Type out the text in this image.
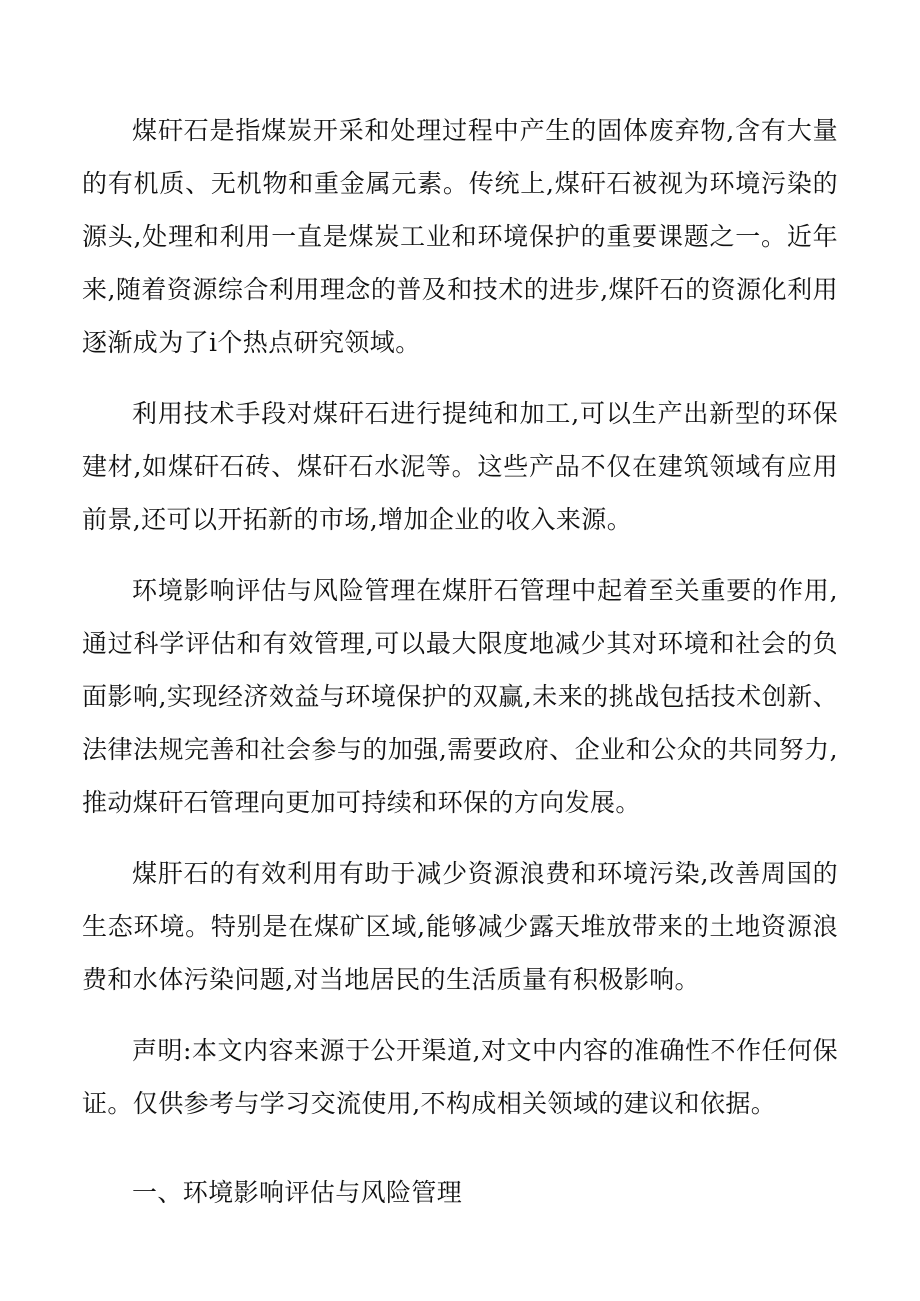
煤矸石是指煤炭开采和处理过程中产生的固体废弃物,含有大量的有机质、无机物和重金属元素。传统上,煤矸石被视为环境污染的源头,处理和利用一直是煤炭工业和环境保护的重要课题之一。近年来,随着资源综合利用理念的普及和技术的进步,煤阡石的资源化利用逐渐成为了i个热点研究领域。

利用技术手段对煤矸石进行提纯和加工,可以生产出新型的环保建材,如煤矸石砖、煤矸石水泥等。这些产品不仅在建筑领域有应用前景,还可以开拓新的市场,增加企业的收入来源。

环境影响评估与风险管理在煤肝石管理中起着至关重要的作用,通过科学评估和有效管理,可以最大限度地减少其对环境和社会的负面影响,实现经济效益与环境保护的双赢,未来的挑战包括技术创新、法律法规完善和社会参与的加强,需要政府、企业和公众的共同努力,推动煤矸石管理向更加可持续和环保的方向发展。

煤肝石的有效利用有助于减少资源浪费和环境污染,改善周国的生态环境。特别是在煤矿区域,能够减少露天堆放带来的土地资源浪费和水体污染问题,对当地居民的生活质量有积极影响。

声明:本文内容来源于公开渠道,对文中内容的准确性不作任何保证。仅供参考与学习交流使用,不构成相关领域的建议和依据。

一、环境影响评估与风险管理
